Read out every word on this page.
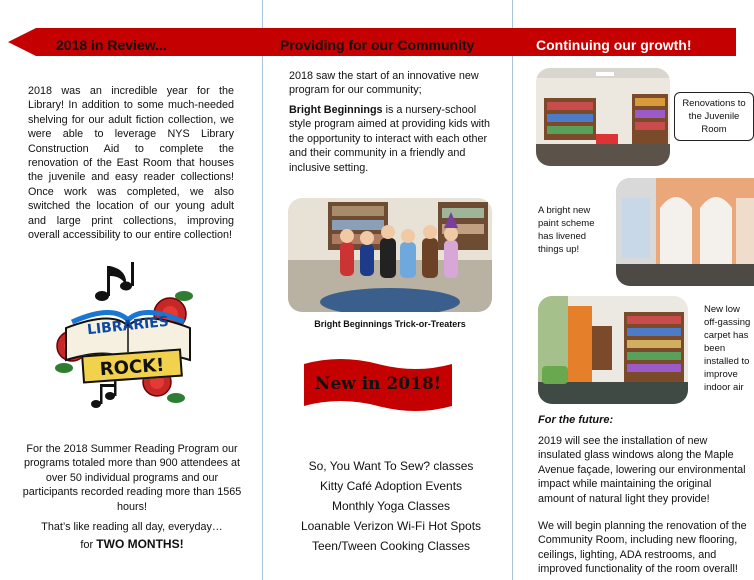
2018 in Review...	Providing for our Community	Continuing our growth!
2018 was an incredible year for the Library! In addition to some much-needed shelving for our adult fiction collection, we were able to leverage NYS Library Construction Aid to complete the renovation of the East Room that houses the juvenile and easy reader collections! Once work was completed, we also switched the location of our young adult and large print collections, improving overall accessibility to our entire collection!
LIBRARIES
ROCK!
For the 2018 Summer Reading Program our programs totaled more than 900 attendees at over 50 individual programs and our participants recorded reading more than 1565 hours!
That’s like reading all day, everyday…
for TWO MONTHS!
2018 saw the start of an innovative new program for our community;
Bright Beginnings is a nursery-school style program aimed at providing kids with the opportunity to interact with each other and their community in a friendly and inclusive setting.
Bright Beginnings Trick-or-Treaters
New in 2018!
So, You Want To Sew? classes
Kitty Café Adoption Events
Monthly Yoga Classes
Loanable Verizon Wi-Fi Hot Spots
Teen/Tween Cooking Classes
Renovations to the Juvenile Room
A bright new paint scheme has livened things up!
New low off-gassing carpet has been installed to improve indoor air
For the future:
2019 will see the installation of new insulated glass windows along the Maple Avenue façade, lowering our environmental impact while maintaining the original amount of natural light they provide!
We will begin planning the renovation of the Community Room, including new flooring, ceilings, lighting, ADA restrooms, and improved functionality of the room overall!
